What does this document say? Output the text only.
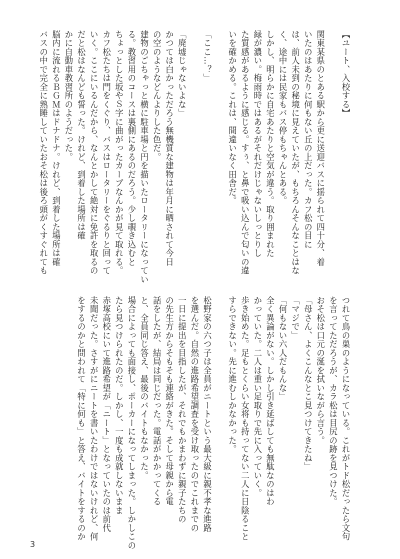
【ユート、入校する】

関東某県のとある駅から更に送迎バスに揺られて四十分、着
いたのはあたりに何もない丘の上だった。カフ松の目に
は、前人未到の秘境に見えていたが、もちろんそんなことはな
く、途中には民家もバス停もちゃんとある。
しかし、明らかに自宅あたりと空気が違う。取り囲まれた
緑が濃い。梅雨時ではあるがそれだけじゃないしっとりし
た質感があるように感じる。すぅ、と鼻で吸い込んで匂いの違
いを確かめる。これは、間違いなく田舎だ。

「ここ…？」

「廃墟じゃないよな」
かつては白かっただろう無機質な建物は年月に晒されて今日
の空のようなどんよりした色だ。
建物のごちゃっと横に駐車場と円を描いたロータリーになってい
る。教習用のコースは裏側にあるのだろう。少し覗き込むと
ちょっとした坂やＳ字に曲がったカーブなんかが見て取れる。
カフ松たちは門をくぐり、バスはロータリーをぐるりと回って
いく。ここにいるんだから、なんとかして絶対に免許を取るの
だと松はなんども誓った。けれど、到着した場所は確
かに自動車教習所のようだった。
脳内に流れるＢＧＭはドナドナ。けれど、到着した場所は確
バスの中で完全に熟睡していたおそ松は後ろ頭がくすぐれても
つれて鳥の巣のようになっている。これがトド松だったら文句
を言ってただろうが、カラ松は目尻の跡を見つけた。
おそ松は口元の涎を拭いながら言う。
「母さん、よくこんなとこ見つけてきたね」
「マジで」
「何もない六人だもんな」
全く異論がない。しかし引き延ばしても無駄なのはわ
かっていた。二人は重い足取りで先に入っていく。
歩き始めた。足もとくらい女将も持ってない二人に日陰ること
すらできない。先に進むしかなかった。

松野家の六つ子は全員がニートという最大級に親不孝な進路
を選んだ。自然の進路希望調査を受け取ったのでこれまでの
一日に提出を目指したが、それでもかまわずに親子たちの
の先生方からそもそも連絡がきた。そして母親から電
話をしたが、結局は同じだった。電話がかかってくる
と、全員同じ答え、最後のバイトもなかった。
場合によっても面接し、ポーカーになってしまった。しかしこの
たら見つけられたのだ。しかし、一度も成就しないまま
赤塚高校にいて進路希望が「ニート」となっていたのは前代
未聞だった。さすがにニートを書いたわけではないけれど、何
をするのかと問われて「特に何も」と答え、バイトをするのか
3
